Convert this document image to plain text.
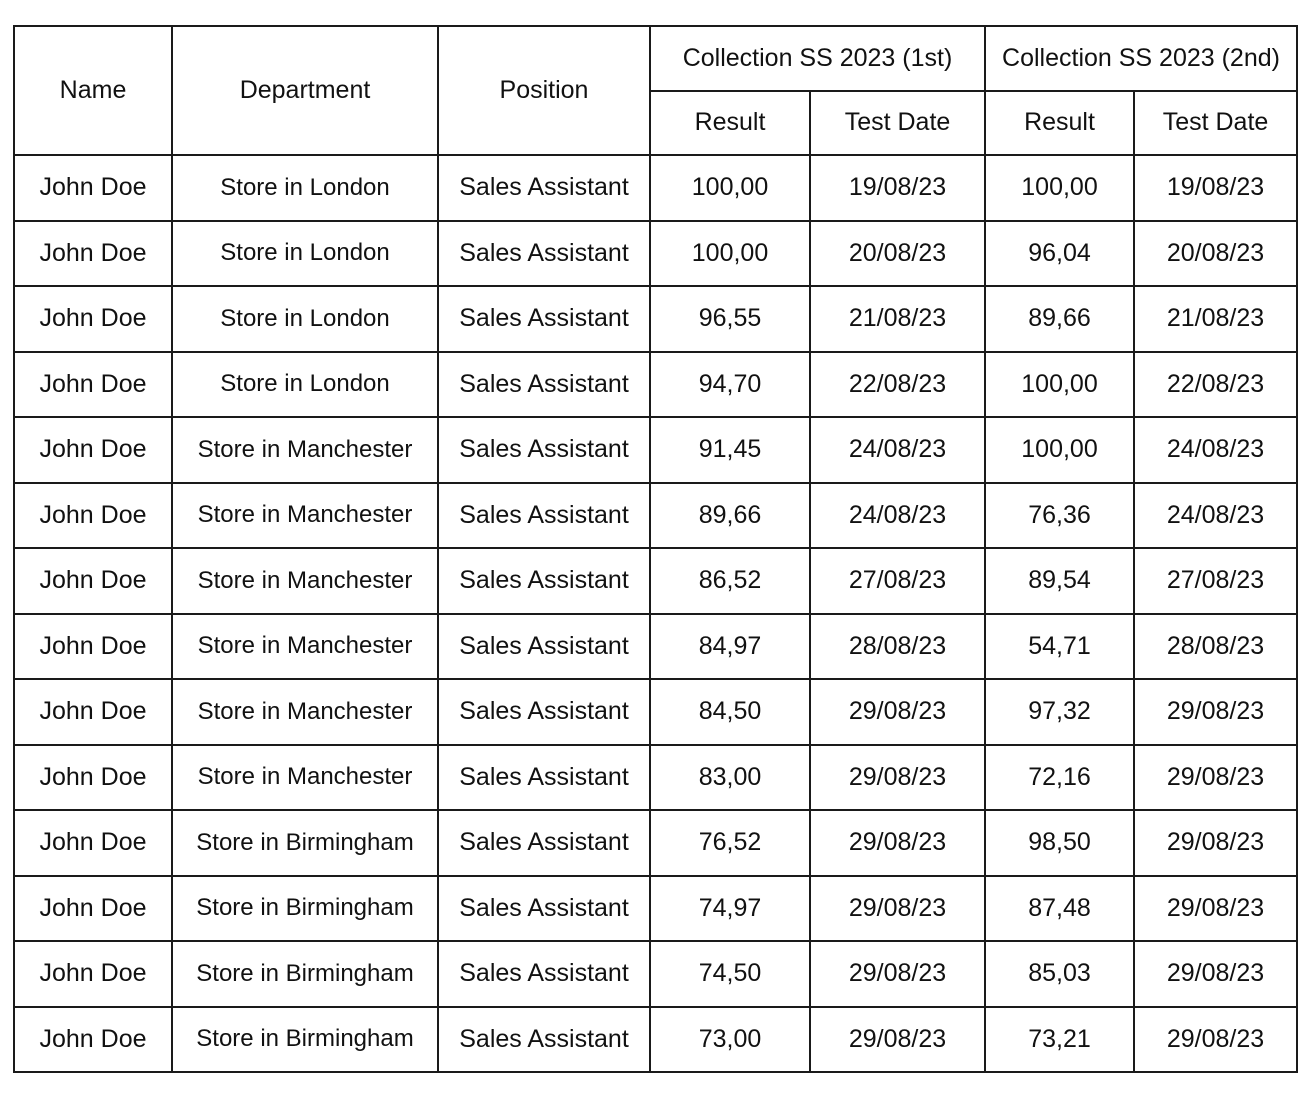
Name	Department	Position	Collection SS 2023 (1st)		Collection SS 2023 (2nd)	
			Result	Test Date	Result	Test Date
John Doe	Store in London	Sales Assistant	100,00	19/08/23	100,00	19/08/23
John Doe	Store in London	Sales Assistant	100,00	20/08/23	96,04	20/08/23
John Doe	Store in London	Sales Assistant	96,55	21/08/23	89,66	21/08/23
John Doe	Store in London	Sales Assistant	94,70	22/08/23	100,00	22/08/23
John Doe	Store in Manchester	Sales Assistant	91,45	24/08/23	100,00	24/08/23
John Doe	Store in Manchester	Sales Assistant	89,66	24/08/23	76,36	24/08/23
John Doe	Store in Manchester	Sales Assistant	86,52	27/08/23	89,54	27/08/23
John Doe	Store in Manchester	Sales Assistant	84,97	28/08/23	54,71	28/08/23
John Doe	Store in Manchester	Sales Assistant	84,50	29/08/23	97,32	29/08/23
John Doe	Store in Manchester	Sales Assistant	83,00	29/08/23	72,16	29/08/23
John Doe	Store in Birmingham	Sales Assistant	76,52	29/08/23	98,50	29/08/23
John Doe	Store in Birmingham	Sales Assistant	74,97	29/08/23	87,48	29/08/23
John Doe	Store in Birmingham	Sales Assistant	74,50	29/08/23	85,03	29/08/23
John Doe	Store in Birmingham	Sales Assistant	73,00	29/08/23	73,21	29/08/23
